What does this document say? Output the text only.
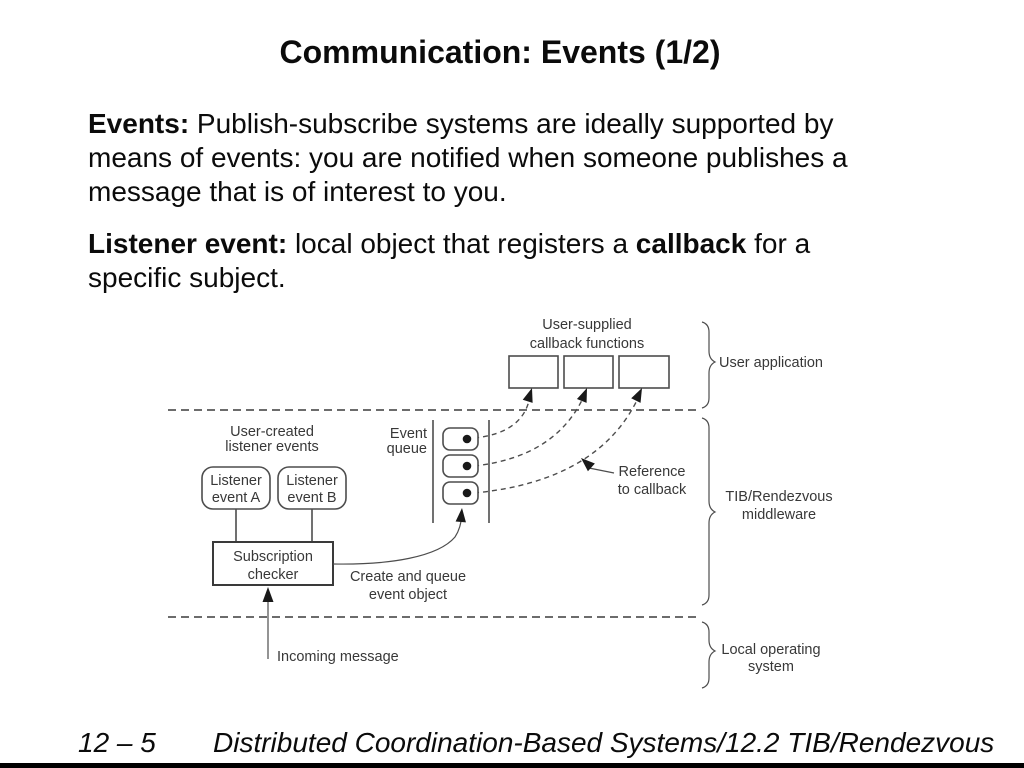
Communication: Events (1/2)

Events: Publish-subscribe systems are ideally supported by means of events: you are notified when someone publishes a message that is of interest to you.

Listener event: local object that registers a callback for a specific subject.

User-supplied
callback functions
Event
queue
User-created
listener events
Listener
event A
Listener
event B
Subscription
checker	Create and queue
event object
Reference
to callback
Incoming message
User application
TIB/Rendezvous
middleware
Local operating
system
12 – 5 Distributed Coordination-Based Systems/12.2 TIB/Rendezvous
